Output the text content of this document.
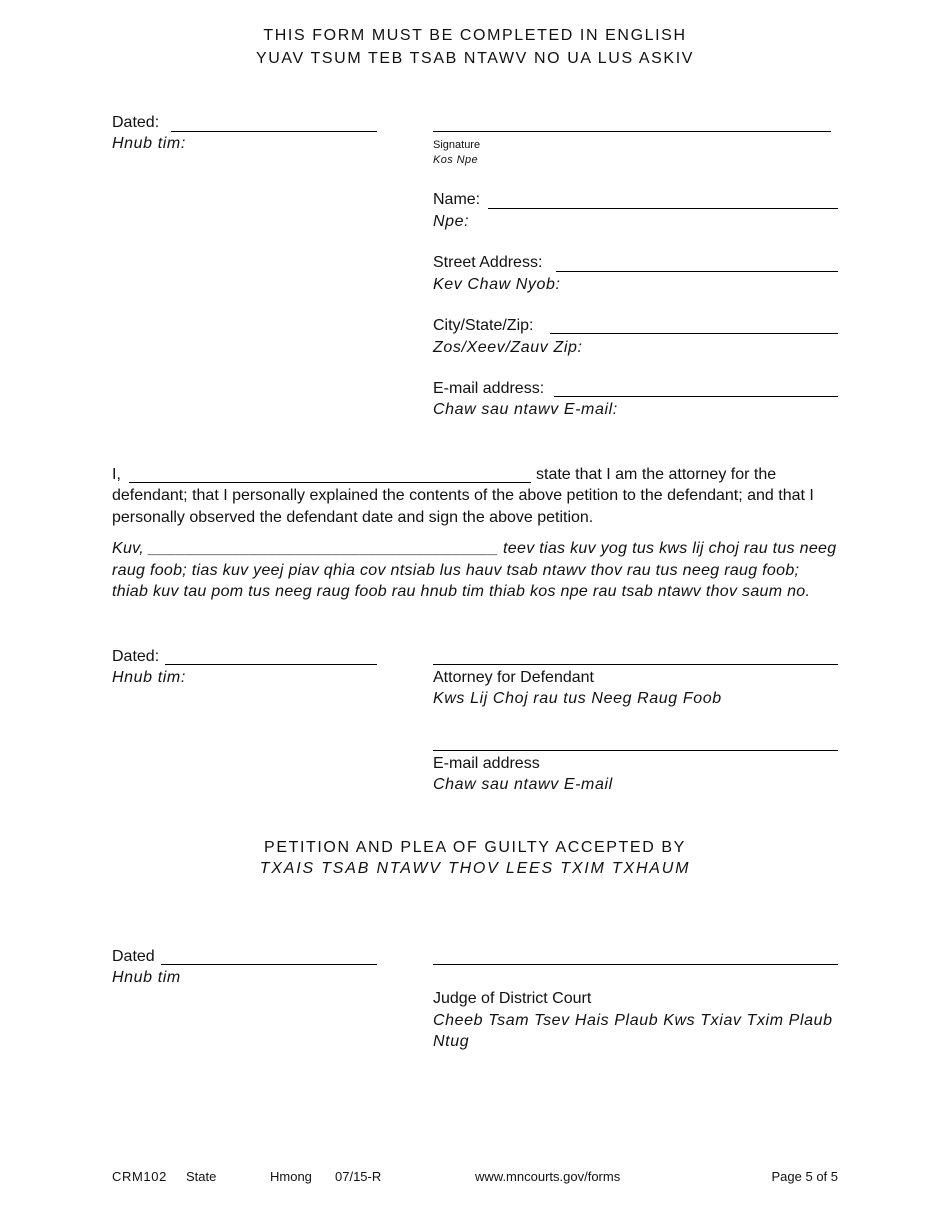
THIS FORM MUST BE COMPLETED IN ENGLISH
YUAV TSUM TEB TSAB NTAWV NO UA LUS ASKIV
Dated:
Hnub tim:	Signature
Kos Npe
Name:
Npe:
Street Address:
Kev Chaw Nyob:
City/State/Zip:
Zos/Xeev/Zauv Zip:
E-mail address:
Chaw sau ntawv E-mail:
I,	state that I am the attorney for the
defendant; that I personally explained the contents of the above petition to the defendant; and that I personally observed the defendant date and sign the above petition.
Kuv, ______________________________________ teev tias kuv yog tus kws lij choj rau tus neeg raug foob; tias kuv yeej piav qhia cov ntsiab lus hauv tsab ntawv thov rau tus neeg raug foob; thiab kuv tau pom tus neeg raug foob rau hnub tim thiab kos npe rau tsab ntawv thov saum no.
Dated:
Hnub tim:	Attorney for Defendant
Kws Lij Choj rau tus Neeg Raug Foob
E-mail address
Chaw sau ntawv E-mail
PETITION AND PLEA OF GUILTY ACCEPTED BY
TXAIS TSAB NTAWV THOV LEES TXIM TXHAUM
Dated
Hnub tim
Judge of District Court
Cheeb Tsam Tsev Hais Plaub Kws Txiav Txim Plaub Ntug
CRM102 State	Hmong 07/15-R	www.mncourts.gov/forms	Page 5 of 5
